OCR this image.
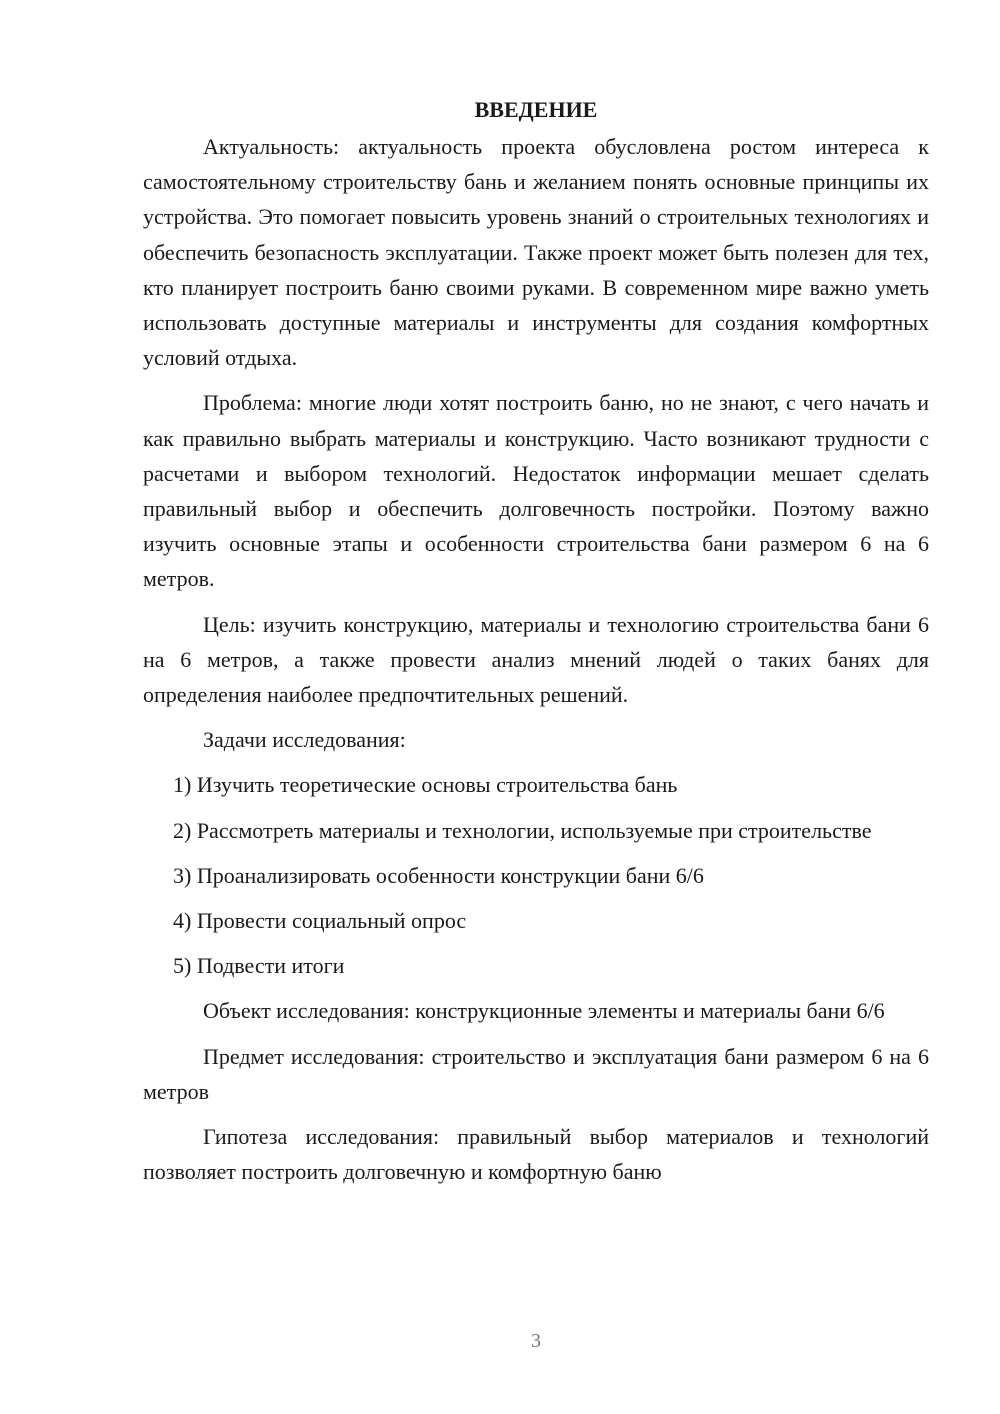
ВВЕДЕНИЕ

Актуальность: актуальность проекта обусловлена ростом интереса к самостоятельному строительству бань и желанием понять основные принципы их устройства. Это помогает повысить уровень знаний о строительных технологиях и обеспечить безопасность эксплуатации. Также проект может быть полезен для тех, кто планирует построить баню своими руками. В современном мире важно уметь использовать доступные материалы и инструменты для создания комфортных условий отдыха.

Проблема: многие люди хотят построить баню, но не знают, с чего начать и как правильно выбрать материалы и конструкцию. Часто возникают трудности с расчетами и выбором технологий. Недостаток информации мешает сделать правильный выбор и обеспечить долговечность постройки. Поэтому важно изучить основные этапы и особенности строительства бани размером 6 на 6 метров.

Цель: изучить конструкцию, материалы и технологию строительства бани 6 на 6 метров, а также провести анализ мнений людей о таких банях для определения наиболее предпочтительных решений.

Задачи исследования:

1) Изучить теоретические основы строительства бань

2) Рассмотреть материалы и технологии, используемые при строительстве

3) Проанализировать особенности конструкции бани 6/6

4) Провести социальный опрос

5) Подвести итоги

Объект исследования: конструкционные элементы и материалы бани 6/6

Предмет исследования: строительство и эксплуатация бани размером 6 на 6 метров

Гипотеза исследования: правильный выбор материалов и технологий позволяет построить долговечную и комфортную баню

3
